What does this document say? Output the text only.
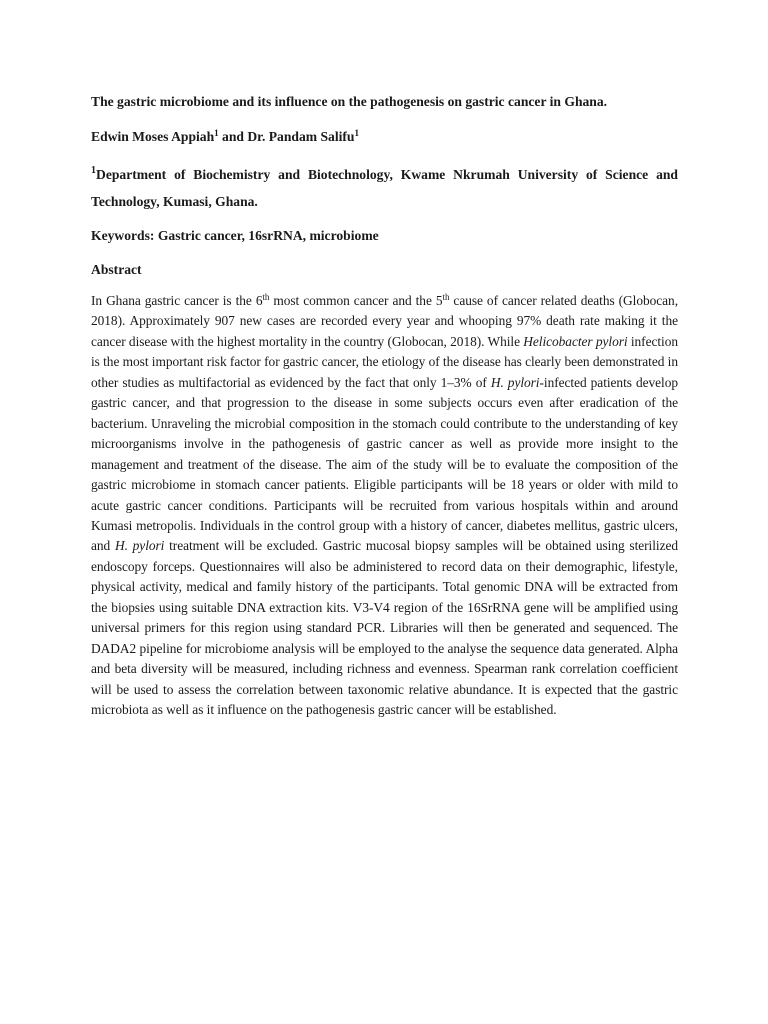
The gastric microbiome and its influence on the pathogenesis on gastric cancer in Ghana.

Edwin Moses Appiah$^1$ and Dr. Pandam Salifu$^1$

$^1$Department of Biochemistry and Biotechnology, Kwame Nkrumah University of Science and Technology, Kumasi, Ghana.

Keywords: Gastric cancer, 16srRNA, microbiome

Abstract

In Ghana gastric cancer is the 6th most common cancer and the 5th cause of cancer related deaths (Globocan, 2018). Approximately 907 new cases are recorded every year and whooping 97% death rate making it the cancer disease with the highest mortality in the country (Globocan, 2018). While Helicobacter pylori infection is the most important risk factor for gastric cancer, the etiology of the disease has clearly been demonstrated in other studies as multifactorial as evidenced by the fact that only 1–3% of H. pylori-infected patients develop gastric cancer, and that progression to the disease in some subjects occurs even after eradication of the bacterium. Unraveling the microbial composition in the stomach could contribute to the understanding of key microorganisms involve in the pathogenesis of gastric cancer as well as provide more insight to the management and treatment of the disease. The aim of the study will be to evaluate the composition of the gastric microbiome in stomach cancer patients. Eligible participants will be 18 years or older with mild to acute gastric cancer conditions. Participants will be recruited from various hospitals within and around Kumasi metropolis. Individuals in the control group with a history of cancer, diabetes mellitus, gastric ulcers, and H. pylori treatment will be excluded. Gastric mucosal biopsy samples will be obtained using sterilized endoscopy forceps. Questionnaires will also be administered to record data on their demographic, lifestyle, physical activity, medical and family history of the participants. Total genomic DNA will be extracted from the biopsies using suitable DNA extraction kits. V3-V4 region of the 16SrRNA gene will be amplified using universal primers for this region using standard PCR. Libraries will then be generated and sequenced. The DADA2 pipeline for microbiome analysis will be employed to the analyse the sequence data generated. Alpha and beta diversity will be measured, including richness and evenness. Spearman rank correlation coefficient will be used to assess the correlation between taxonomic relative abundance. It is expected that the gastric microbiota as well as it influence on the pathogenesis gastric cancer will be established.
